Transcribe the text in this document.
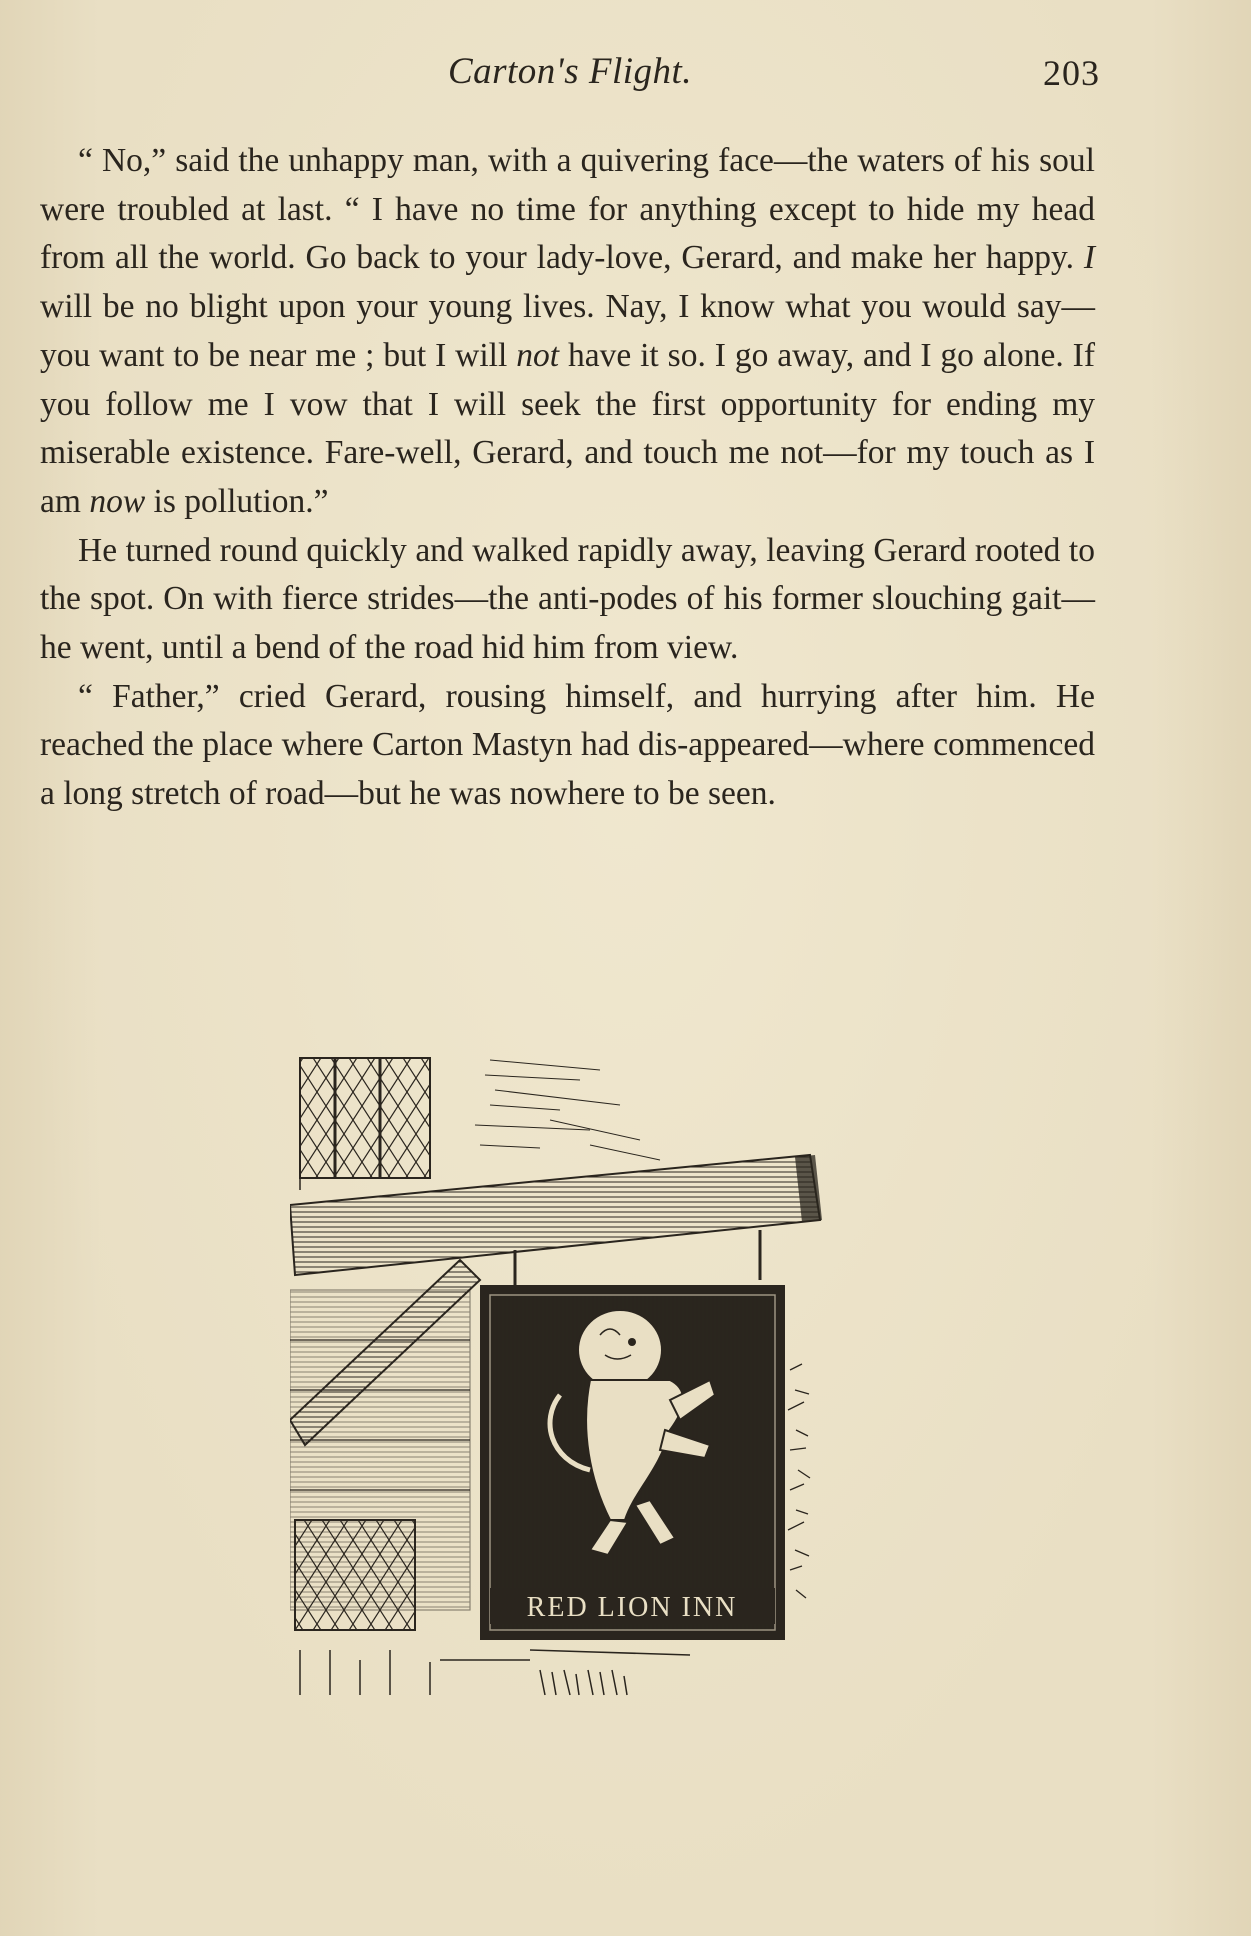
Carton's Flight.	203

“ No,” said the unhappy man, with a quivering face—the waters of his soul were troubled at last. “ I have no time for anything except to hide my head from all the world. Go back to your lady-love, Gerard, and make her happy. I will be no blight upon your young lives. Nay, I know what you would say—you want to be near me ; but I will not have it so. I go away, and I go alone. If you follow me I vow that I will seek the first opportunity for ending my miserable existence. Fare-well, Gerard, and touch me not—for my touch as I am now is pollution.”

He turned round quickly and walked rapidly away, leaving Gerard rooted to the spot. On with fierce strides—the anti-podes of his former slouching gait—he went, until a bend of the road hid him from view.

“ Father,” cried Gerard, rousing himself, and hurrying after him. He reached the place where Carton Mastyn had dis-appeared—where commenced a long stretch of road—but he was nowhere to be seen.

RED LION INN
